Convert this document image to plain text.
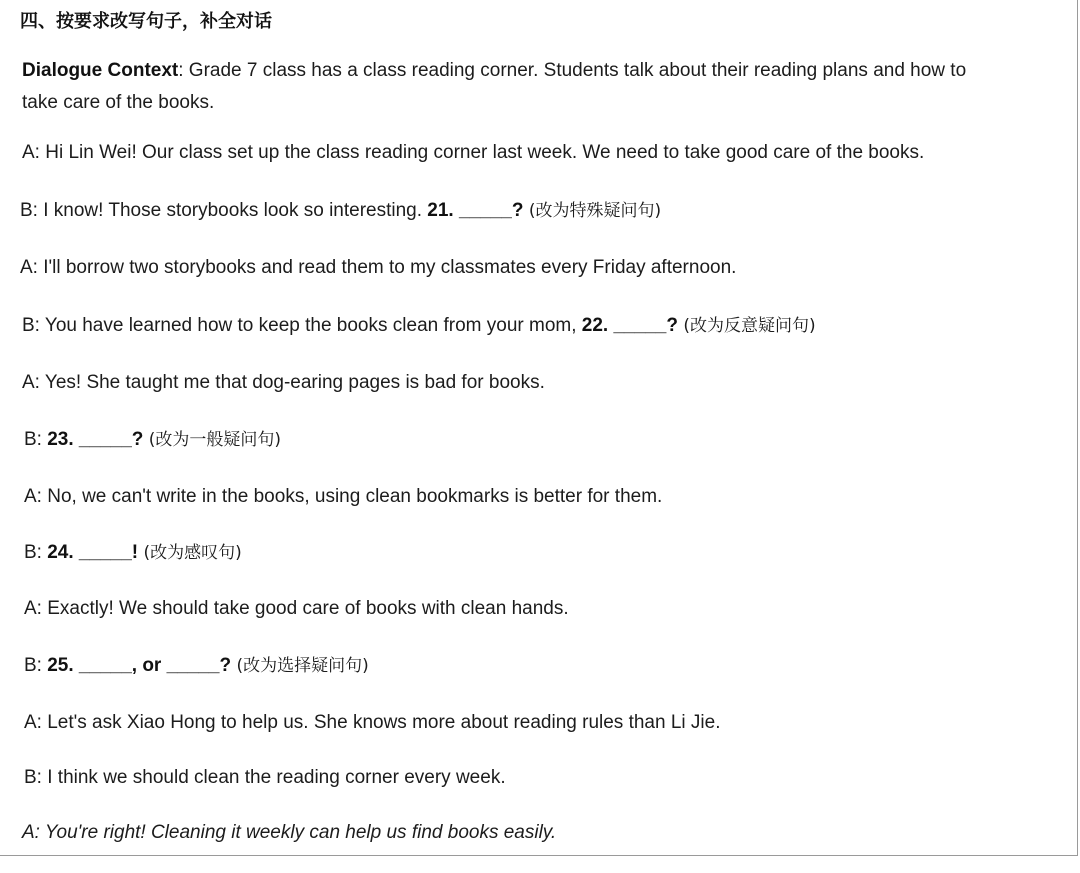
四、按要求改写句子，补全对话
Dialogue Context: Grade 7 class has a class reading corner. Students talk about their reading plans and how to take care of the books.
A: Hi Lin Wei! Our class set up the class reading corner last week. We need to take good care of the books.
B: I know! Those storybooks look so interesting. 21. _____? (改为特殊疑问句)
A: I'll borrow two storybooks and read them to my classmates every Friday afternoon.
B: You have learned how to keep the books clean from your mom, 22. _____? (改为反意疑问句)
A: Yes! She taught me that dog-earing pages is bad for books.
B: 23. _____? (改为一般疑问句)
A: No, we can't write in the books, using clean bookmarks is better for them.
B: 24. _____! (改为感叹句)
A: Exactly! We should take good care of books with clean hands.
B: 25. _____, or _____? (改为选择疑问句)
A: Let's ask Xiao Hong to help us. She knows more about reading rules than Li Jie.
B: I think we should clean the reading corner every week.
A: You're right! Cleaning it weekly can help us find books easily.
